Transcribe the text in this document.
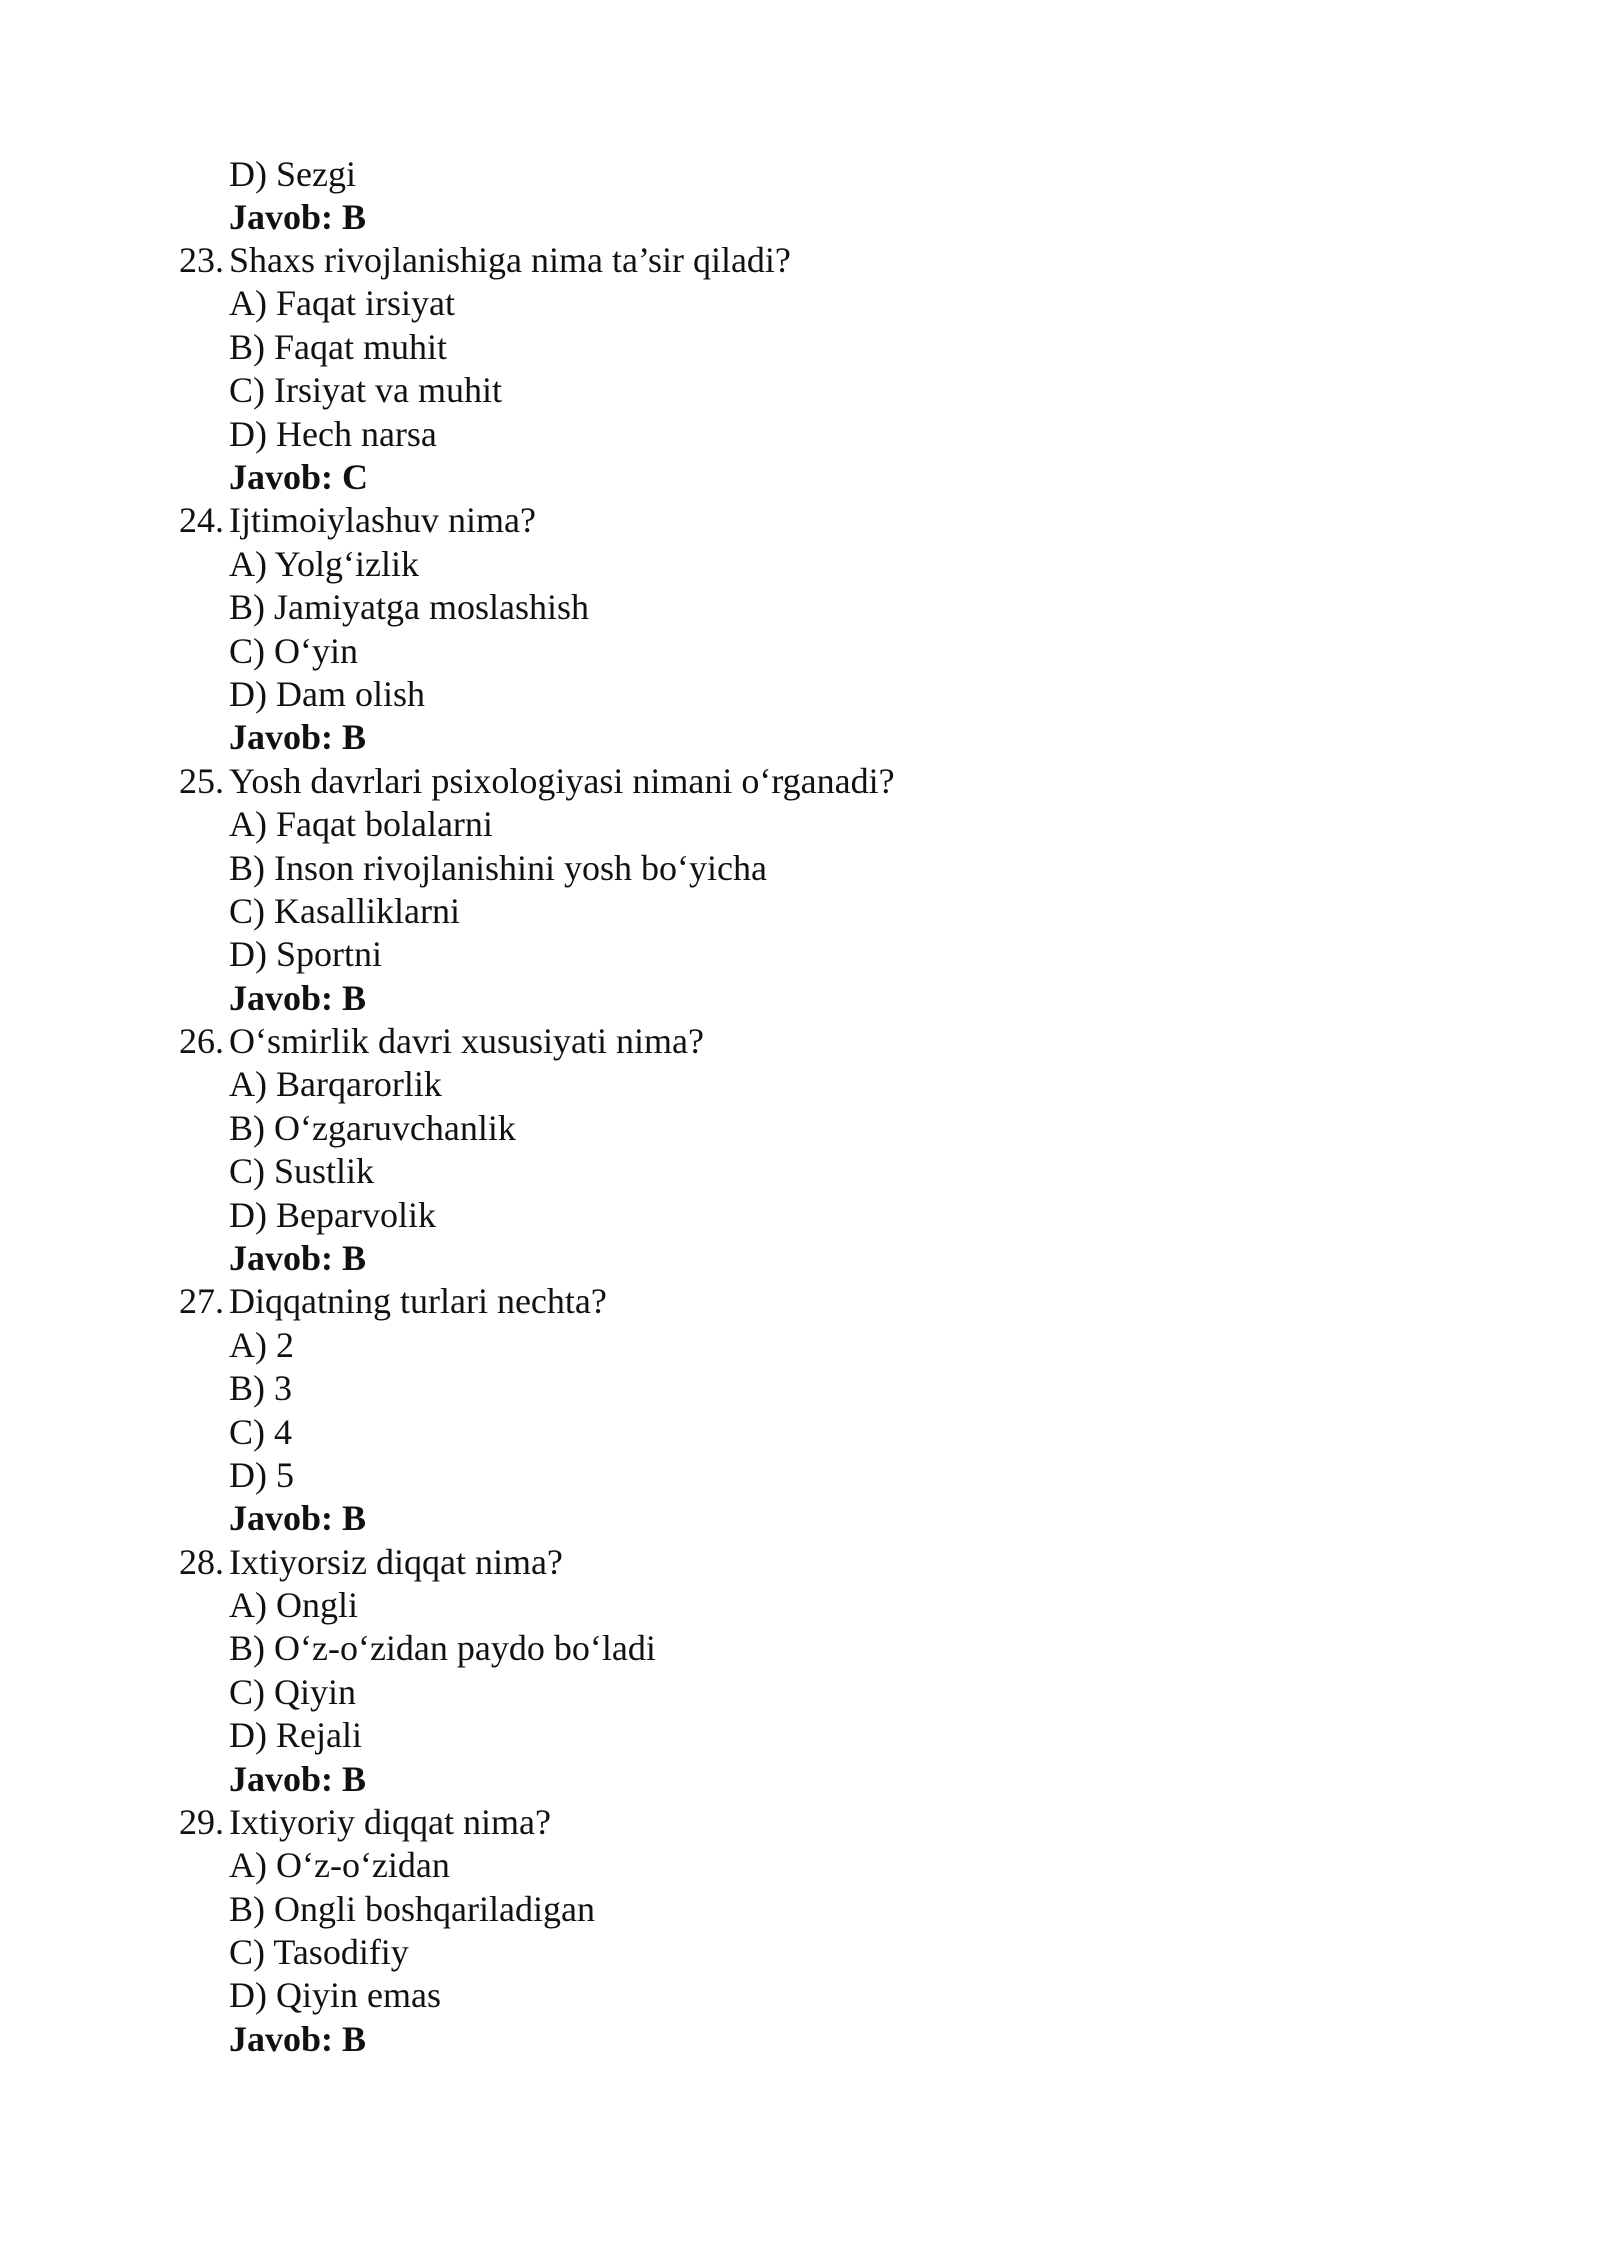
D) Sezgi
Javob: B
23. Shaxs rivojlanishiga nima ta’sir qiladi?
A) Faqat irsiyat
B) Faqat muhit
C) Irsiyat va muhit
D) Hech narsa
Javob: C
24. Ijtimoiylashuv nima?
A) Yolg‘izlik
B) Jamiyatga moslashish
C) O‘yin
D) Dam olish
Javob: B
25. Yosh davrlari psixologiyasi nimani o‘rganadi?
A) Faqat bolalarni
B) Inson rivojlanishini yosh bo‘yicha
C) Kasalliklarni
D) Sportni
Javob: B
26. O‘smirlik davri xususiyati nima?
A) Barqarorlik
B) O‘zgaruvchanlik
C) Sustlik
D) Beparvolik
Javob: B
27. Diqqatning turlari nechta?
A) 2
B) 3
C) 4
D) 5
Javob: B
28. Ixtiyorsiz diqqat nima?
A) Ongli
B) O‘z-o‘zidan paydo bo‘ladi
C) Qiyin
D) Rejali
Javob: B
29. Ixtiyoriy diqqat nima?
A) O‘z-o‘zidan
B) Ongli boshqariladigan
C) Tasodifiy
D) Qiyin emas
Javob: B
